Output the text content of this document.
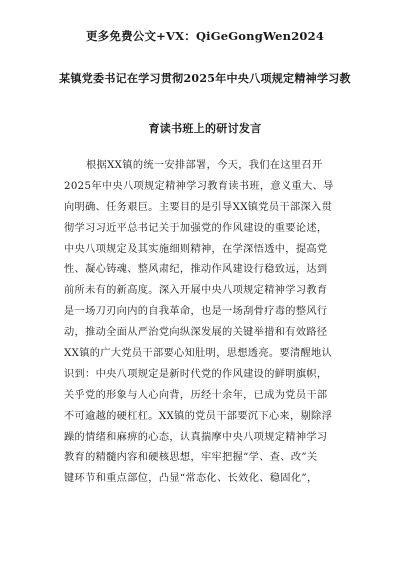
更多免费公文+VX：QiGeGongWen2024
某镇党委书记在学习贯彻2025年中央八项规定精神学习教
育读书班上的研讨发言
根据XX镇的统一安排部署，今天，我们在这里召开
2025年中央八项规定精神学习教育读书班，意义重大、导
向明确、任务艰巨。主要目的是引导XX镇党员干部深入贯
彻学习习近平总书记关于加强党的作风建设的重要论述，
中央八项规定及其实施细则精神，在学深悟透中，提高党
性、凝心铸魂、整风肃纪，推动作风建设行稳致远，达到
前所未有的新高度。深入开展中央八项规定精神学习教育
是一场刀刃向内的自我革命，也是一场刮骨疗毒的整风行
动，推动全面从严治党向纵深发展的关键举措和有效路径
XX镇的广大党员干部要心知肚明，思想透亮。要清醒地认
识到：中央八项规定是新时代党的作风建设的鲜明旗帜，
关乎党的形象与人心向背，历经十余年，已成为党员干部
不可逾越的硬杠杠。XX镇的党员干部要沉下心来，剔除浮
躁的情绪和麻痹的心态，认真揣摩中央八项规定精神学习
教育的精髓内容和硬核思想，牢牢把握“学、查、改”关
键环节和重点部位，凸显“常态化、长效化、稳固化”，
